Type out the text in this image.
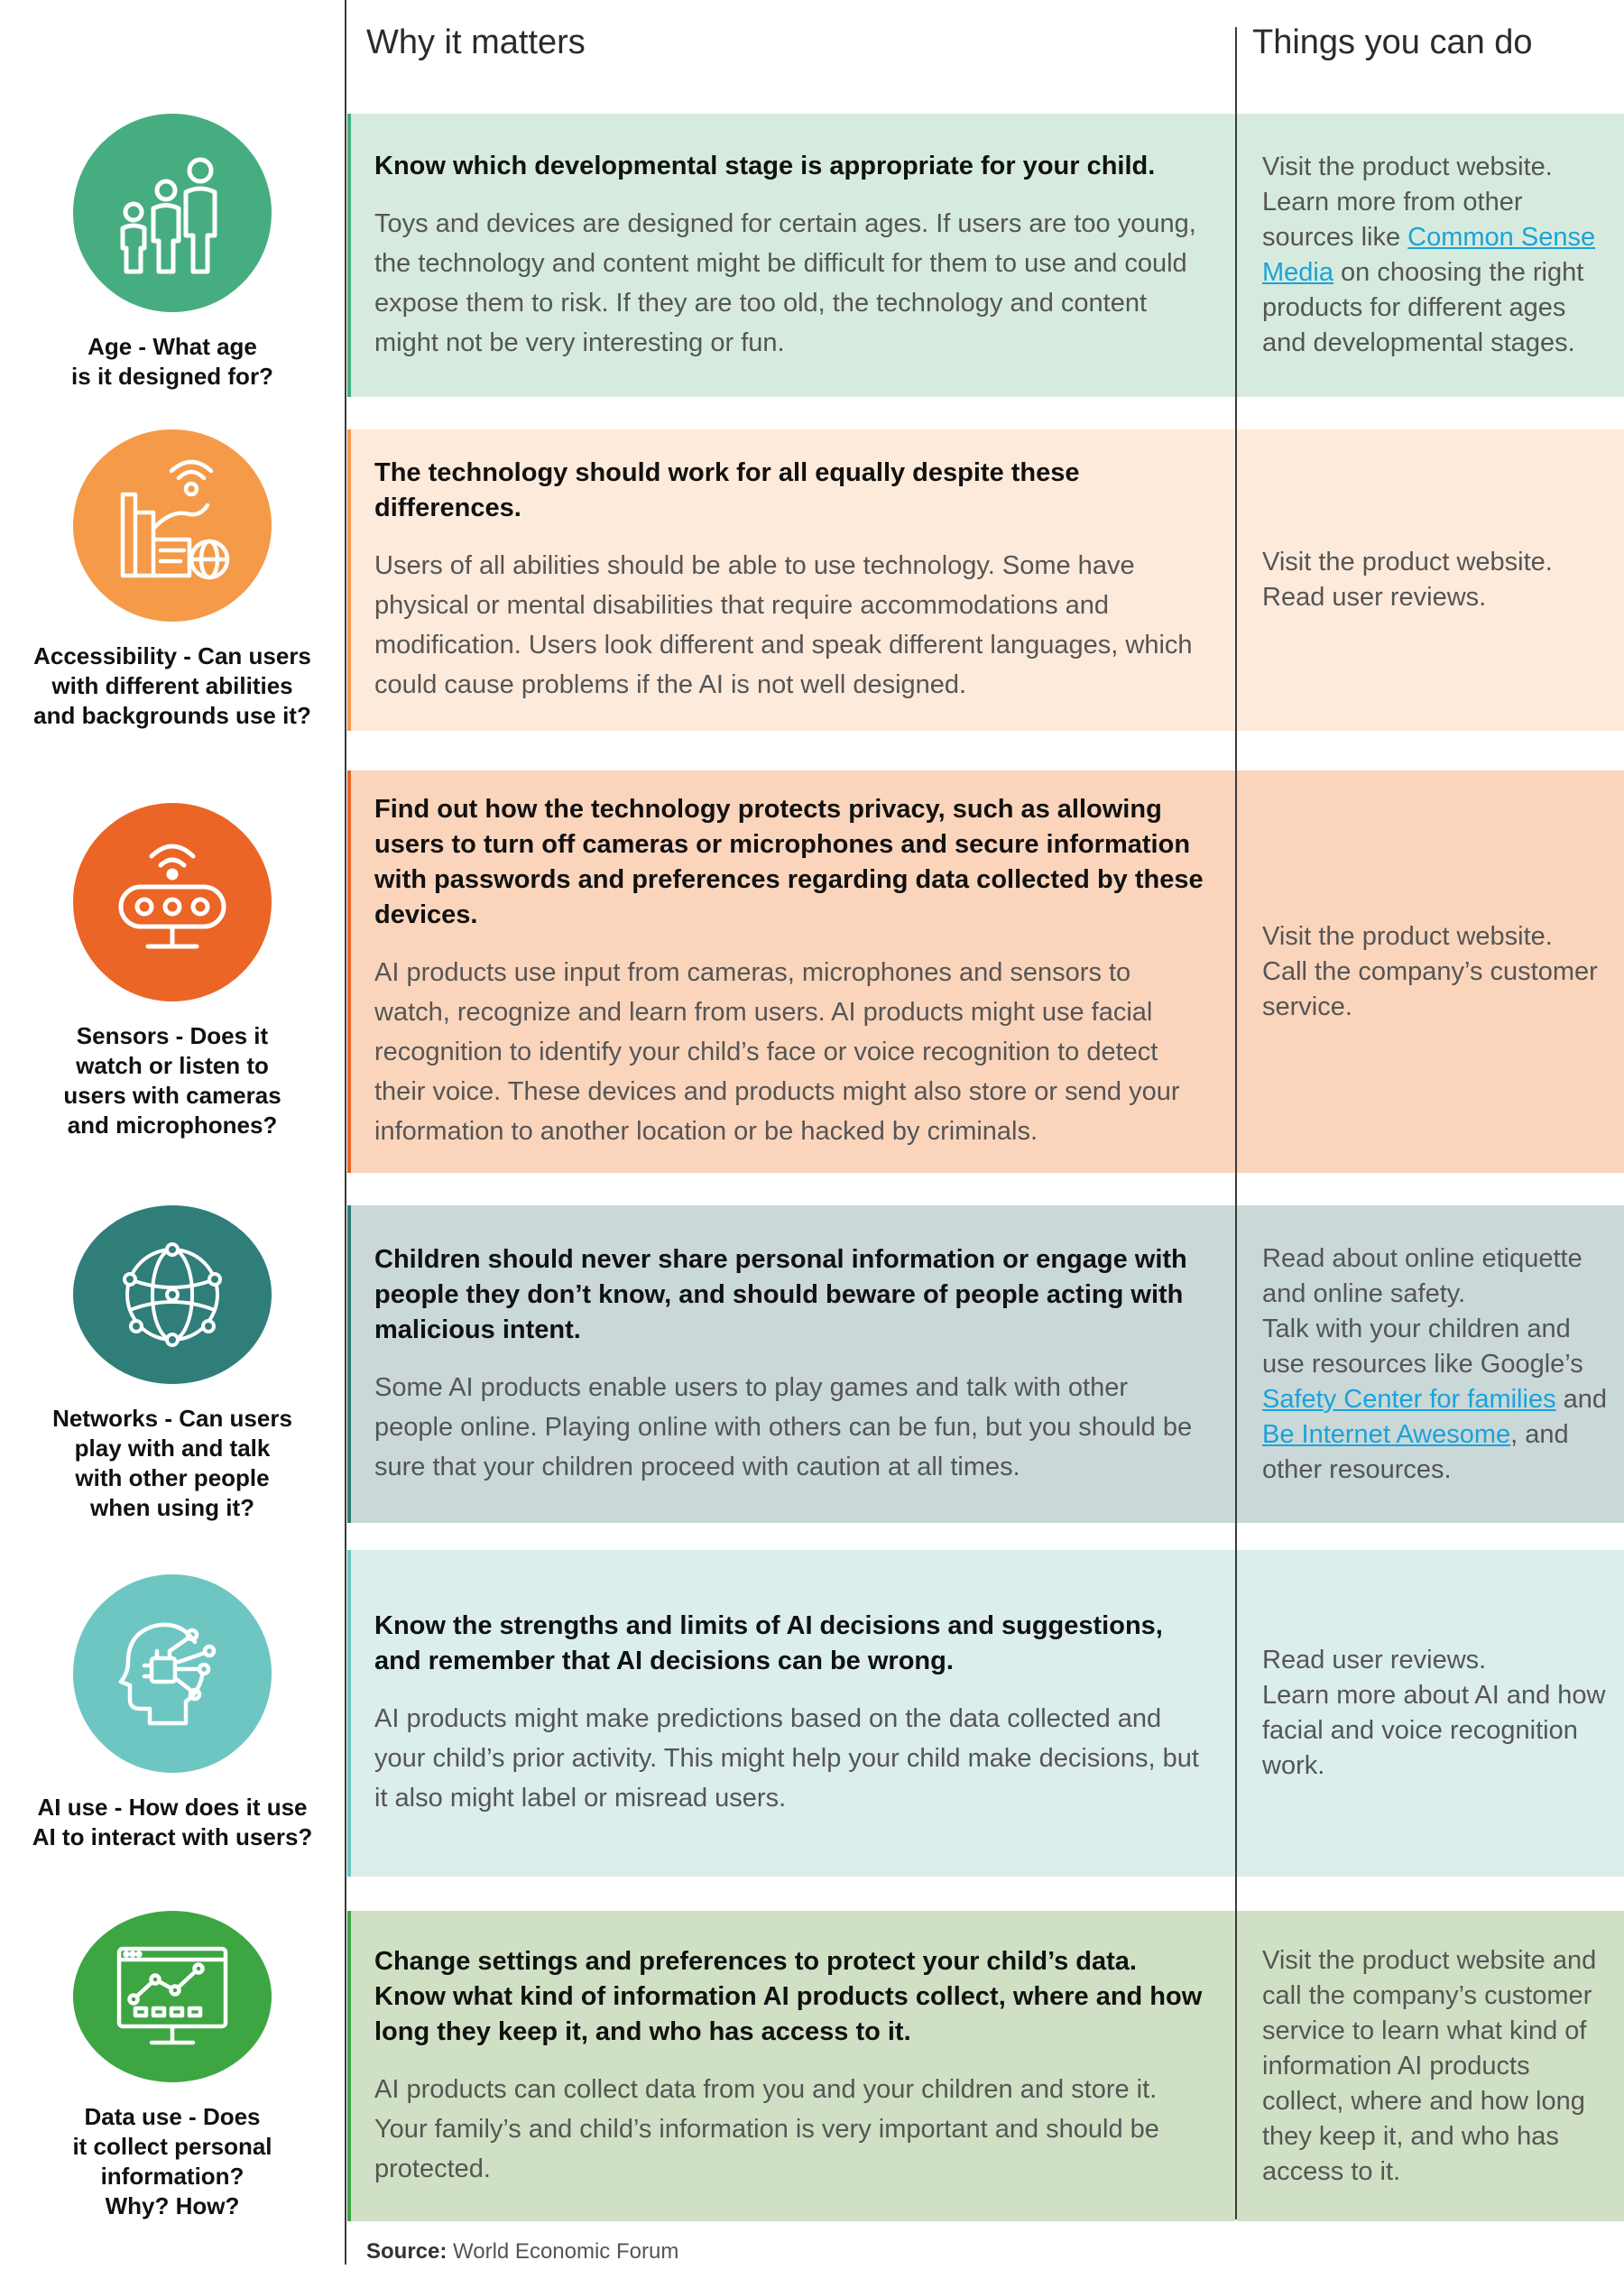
Why it matters	Things you can do
Age - What age
is it designed for?

Know which developmental stage is appropriate for your child.

Toys and devices are designed for certain ages. If users are too young, the technology and content might be difficult for them to use and could expose them to risk. If they are too old, the technology and content might not be very interesting or fun.

Visit the product website. Learn more from other sources like Common Sense Media on choosing the right products for different ages and developmental stages.

Accessibility - Can users
with different abilities
and backgrounds use it?

The technology should work for all equally despite these differences.

Users of all abilities should be able to use technology. Some have physical or mental disabilities that require accommodations and modification. Users look different and speak different languages, which could cause problems if the AI is not well designed.

Visit the product website.
Read user reviews.

Sensors - Does it
watch or listen to
users with cameras
and microphones?

Find out how the technology protects privacy, such as allowing users to turn off cameras or microphones and secure information with passwords and preferences regarding data collected by these devices.

AI products use input from cameras, microphones and sensors to watch, recognize and learn from users. AI products might use facial recognition to identify your child’s face or voice recognition to detect their voice. These devices and products might also store or send your information to another location or be hacked by criminals.

Visit the product website.
Call the company’s customer service.

Networks - Can users
play with and talk
with other people
when using it?

Children should never share personal information or engage with people they don’t know, and should beware of people acting with malicious intent.

Some AI products enable users to play games and talk with other people online. Playing online with others can be fun, but you should be sure that your children proceed with caution at all times.

Read about online etiquette and online safety.
Talk with your children and use resources like Google’s Safety Center for families and Be Internet Awesome, and other resources.

AI use - How does it use
AI to interact with users?

Know the strengths and limits of AI decisions and suggestions, and remember that AI decisions can be wrong.

AI products might make predictions based on the data collected and your child’s prior activity. This might help your child make decisions, but it also might label or misread users.

Read user reviews.
Learn more about AI and how facial and voice recognition work.

Data use - Does
it collect personal
information?
Why? How?

Change settings and preferences to protect your child’s data. Know what kind of information AI products collect, where and how long they keep it, and who has access to it.

AI products can collect data from you and your children and store it. Your family’s and child’s information is very important and should be protected.

Visit the product website and call the company’s customer service to learn what kind of information AI products collect, where and how long they keep it, and who has access to it.

Source: World Economic Forum
